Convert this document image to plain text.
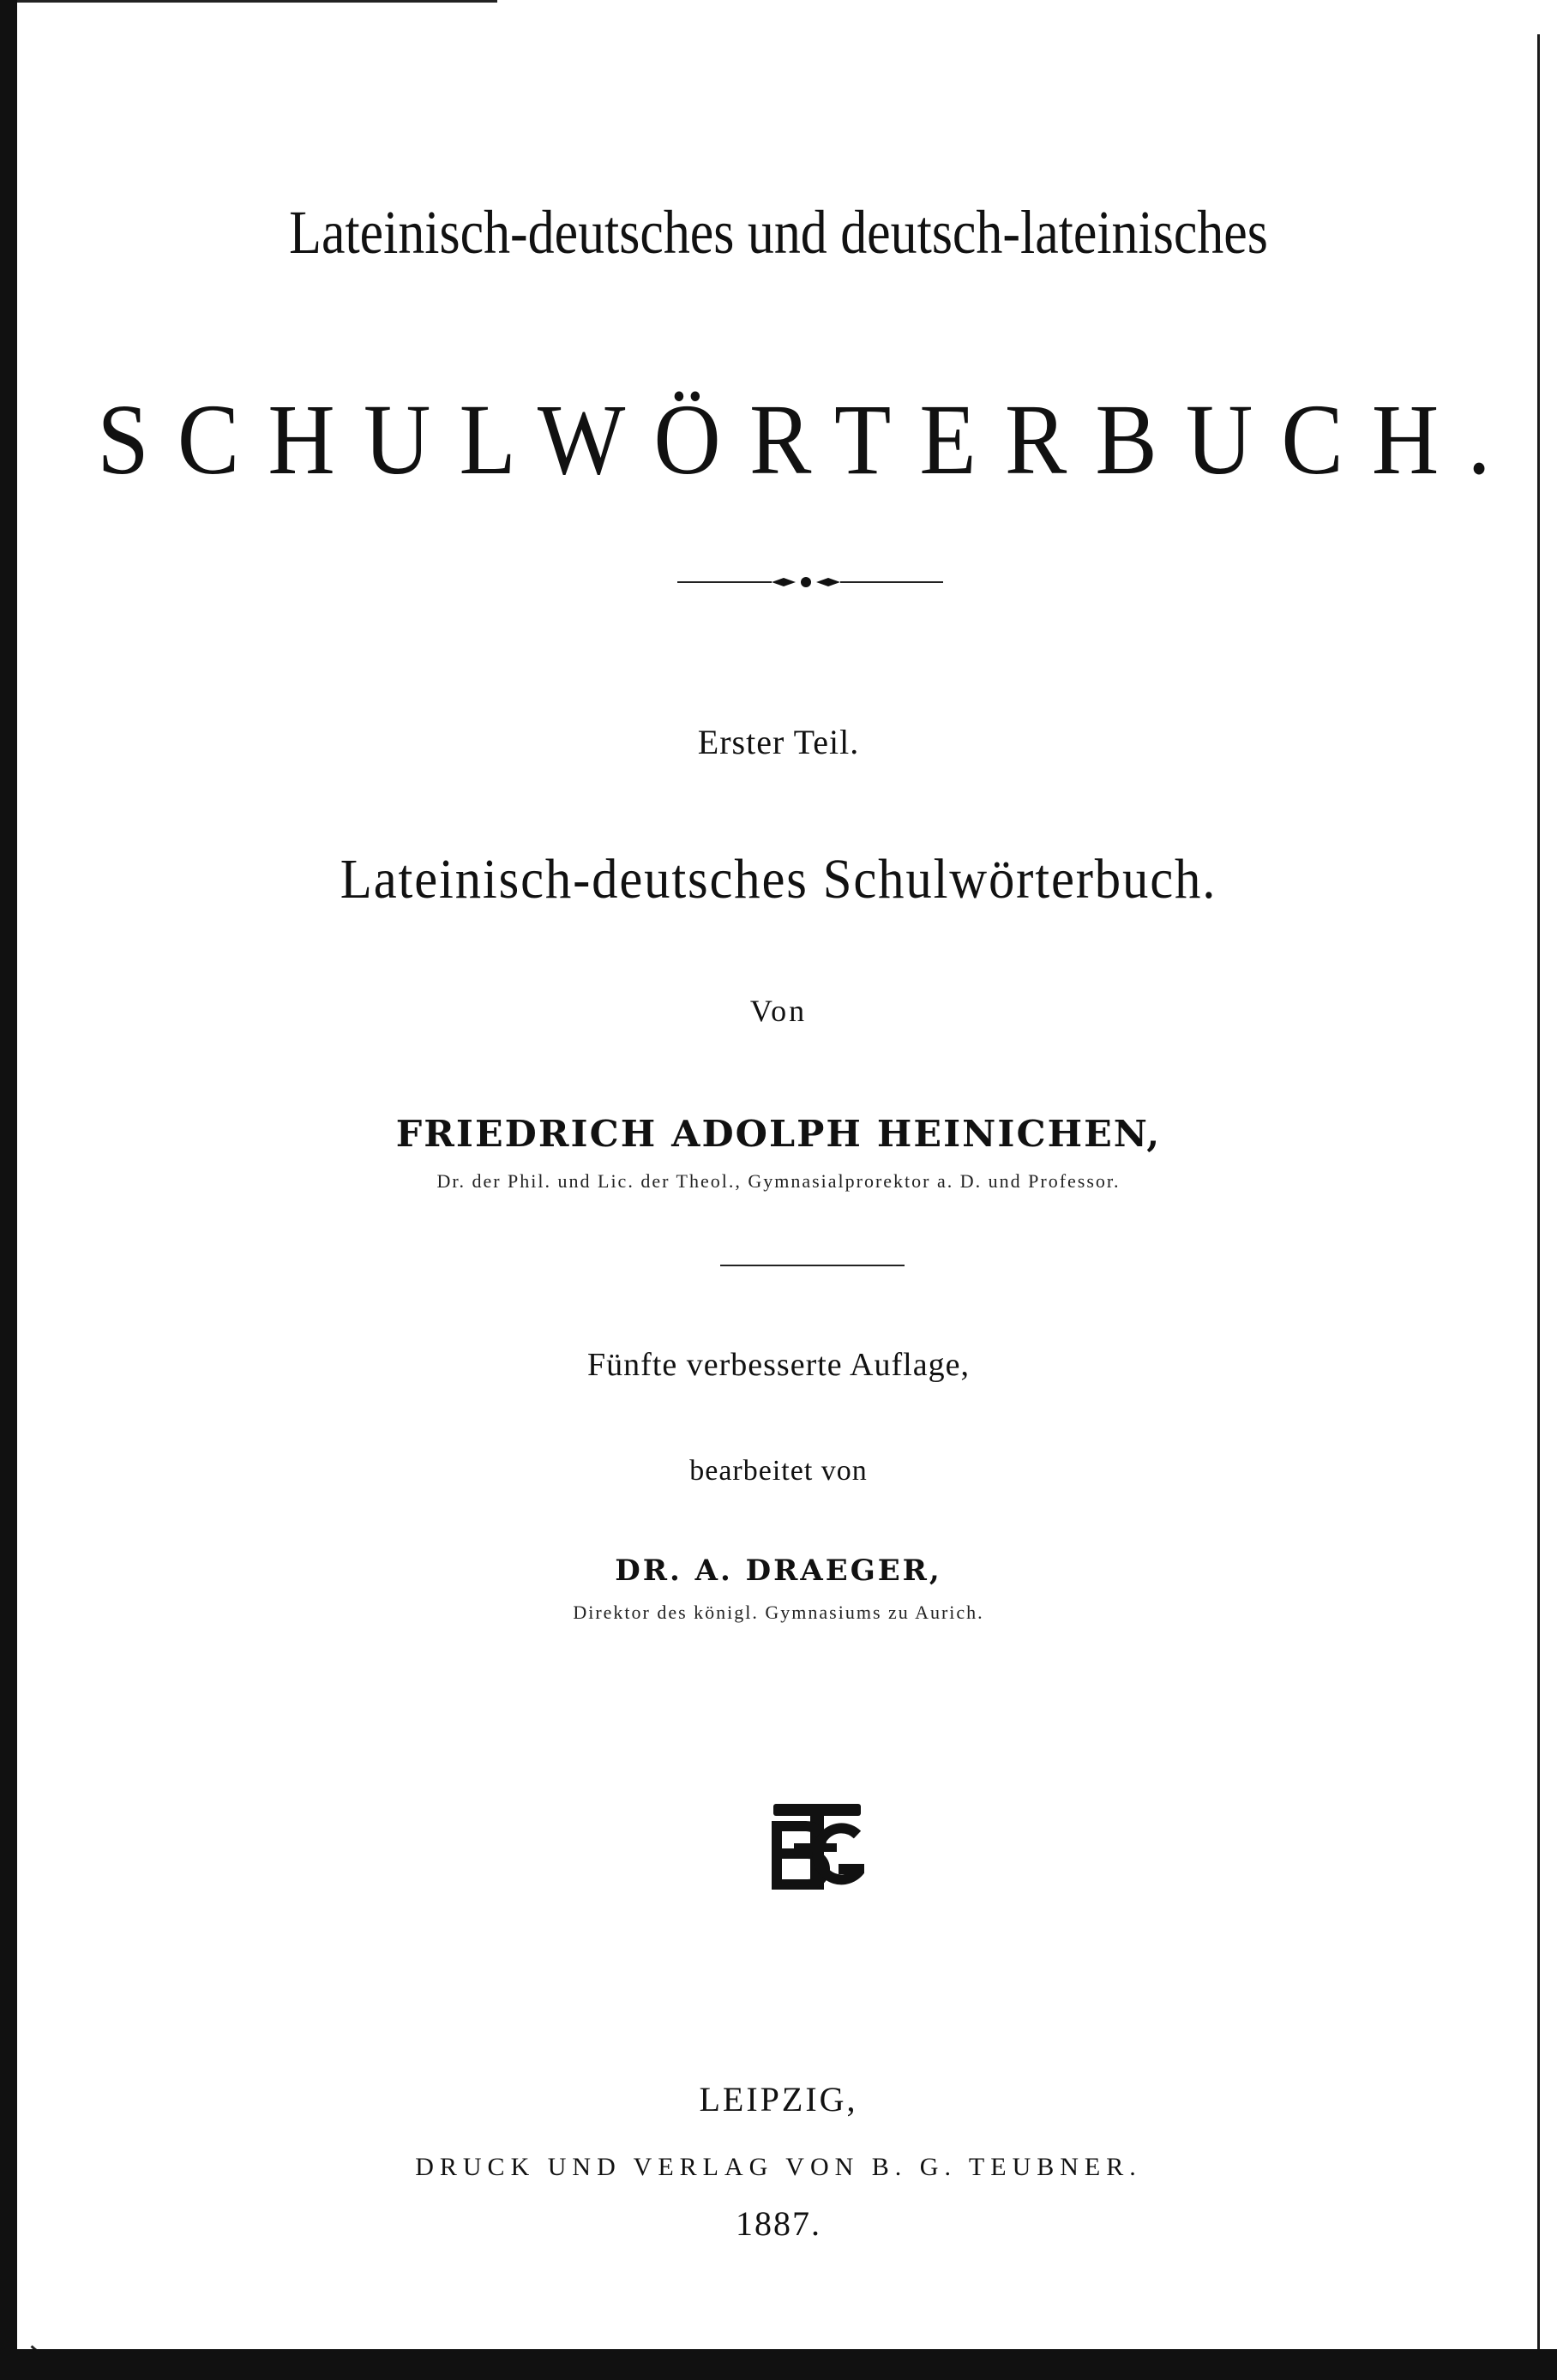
Lateinisch-deutsches und deutsch-lateinisches
SCHULWÖRTERBUCH.
Erster Teil.
Lateinisch-deutsches Schulwörterbuch.
Von
FRIEDRICH ADOLPH HEINICHEN,
Dr. der Phil. und Lic. der Theol., Gymnasialprorektor a. D. und Professor.
Fünfte verbesserte Auflage,
bearbeitet von
DR. A. DRAEGER,
Direktor des königl. Gymnasiums zu Aurich.
LEIPZIG,
DRUCK UND VERLAG VON B. G. TEUBNER.
1887.
